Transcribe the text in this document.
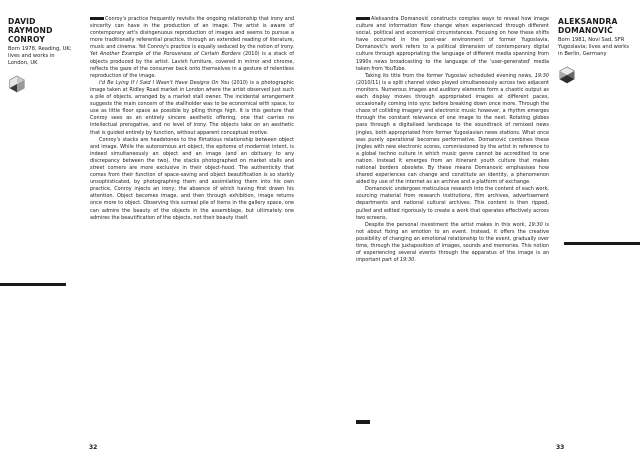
DAVID RAYMOND
CONROY
Born 1978, Reading, UK; lives and works in London, UK

Conroy's practice frequently revisits the ongoing relationship that irony and sincerity can have in the production of an image. The artist is aware of contemporary art's disingenuous reproduction of images and seems to pursue a more traditionally referential practice, through an extended reading of literature, music and cinema. Yet Conroy's practice is equally seduced by the notion of irony. Yet Another Example of the Porousness of Certain Borders (2010) is a stack of objects produced by the artist. Lavish furniture, covered in mirror and chrome, reflects the gaze of the consumer back onto themselves in a gesture of relentless reproduction of the image.

I'd Be Lying If I Said I Wasn't Have Designs On You (2010) is a photographic image taken at Ridley Road market in London where the artist observed just such a pile of objects, arranged by a market stall owner. The incidental arrangement suggests the main concern of the stallholder was to be economical with space, to use as little floor space as possible by piling things high. It is this gesture that Conroy sees as an entirely sincere aesthetic offering, one that carries no intellectual prerogative, and no level of irony. The objects take on an aesthetic that is guided entirely by function, without apparent conceptual motive.

Conroy's stacks are headstones to the flirtatious relationship between object and image. While the autonomous art object, the epitome of modernist intent, is indeed simultaneously an object and an image (and an obituary to any discrepancy between the two), the stacks photographed on market stalls and street corners are more exclusive in their object-hood. The authenticity that comes from their function of space-saving and object beautification is so starkly unsophisticated, by photographing them and assimilating them into his own practice, Conroy injects an irony; the absence of which having first drawn his attention. Object becomes image, and then through exhibition, image returns once more to object. Observing this surreal pile of items in the gallery space, one can admire the beauty of the objects in the assemblage, but ultimately one admires the beautification of the objects, not their beauty itself.

32

Aleksandra Domanović constructs complex ways to reveal how image culture and information flow change when experienced through different social, political and economical circumstances. Focusing on how these shifts have occurred in the post-war environment of former Yugoslavia, Domanović's work refers to a political dimension of contemporary digital culture through appropriating the language of different media spanning from 1990s news broadcasting to the language of the 'user-generated' media taken from YouTube.

Taking its title from the former Yugoslav scheduled evening news, 19:30 (2010/11) is a split channel video played simultaneously across two adjacent monitors. Numerous images and auditory elements form a chaotic output as each display moves through appropriated images at different paces, occasionally coming into sync before breaking down once more. Through the chaos of colliding imagery and electronic music however, a rhythm emerges through the constant relevance of one image to the next. Rotating globes pass through a digitalised landscape to the soundtrack of remixed news jingles, both appropriated from former Yugoslavian news stations. What once was purely operational becomes performative. Domanović combines these jingles with new electronic scores, commissioned by the artist in reference to a global techno culture in which music genre cannot be accredited to one nation. Instead it emerges from an itinerant youth culture that makes national borders obsolete. By these means Domanović emphasises how shared experiences can change and constitute an identity, a phenomenon aided by use of the internet as an archive and a platform of exchange.

Domanović undergoes meticulous research into the content of each work, sourcing material from research institutions, film archives, advertisement departments and national cultural archives. This content is then ripped, pulled and edited rigorously to create a work that operates effectively across two screens.

Despite the personal investment the artist makes in this work, 19:30 is not about fixing an emotion to an event. Instead, it offers the creative possibility of changing an emotional relationship to the event, gradually over time, through the juxtaposition of images, sounds and memories. This notion of experiencing several events through the apparatus of the image is an important part of 19:30.

ALEKSANDRA
DOMANOVIĆ
Born 1981, Novi Sad, SFR Yugoslavia; lives and works in Berlin, Germany
33
